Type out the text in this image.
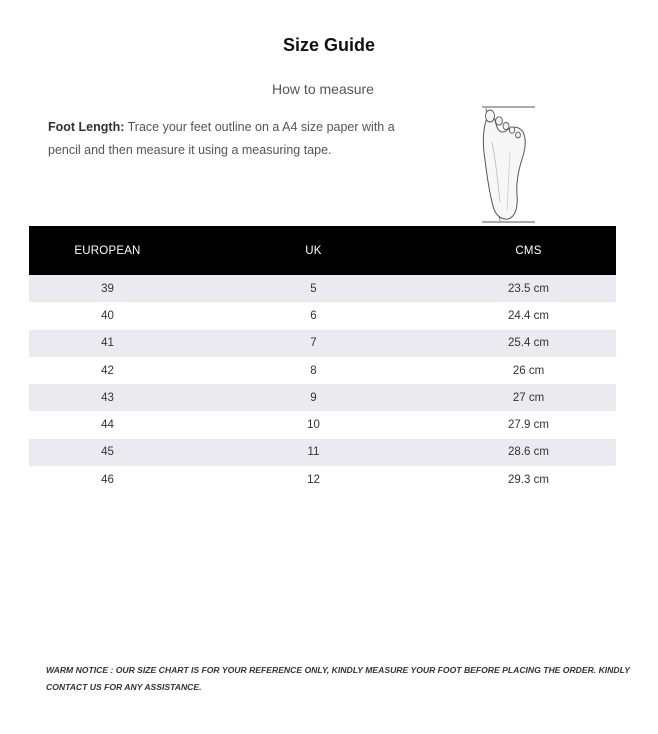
Size Guide
How to measure
Foot Length: Trace your feet outline on a A4 size paper with a pencil and then measure it using a measuring tape.
EUROPEAN	UK	CMS
39	5	23.5 cm
40	6	24.4 cm
41	7	25.4 cm
42	8	26 cm
43	9	27 cm
44	10	27.9 cm
45	11	28.6 cm
46	12	29.3 cm
WARM NOTICE : OUR SIZE CHART IS FOR YOUR REFERENCE ONLY, KINDLY MEASURE YOUR FOOT BEFORE PLACING THE ORDER. KINDLY CONTACT US FOR ANY ASSISTANCE.
